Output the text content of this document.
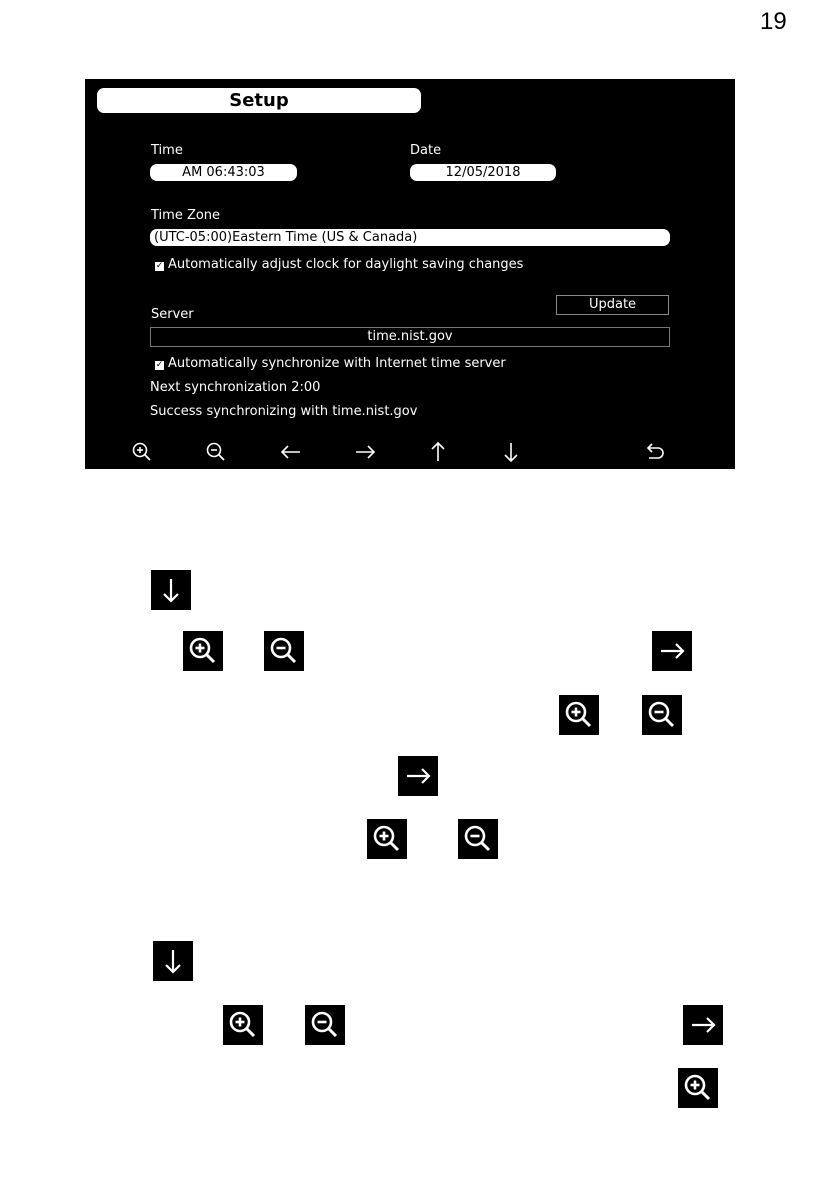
19
Setup
Time
AM 06:43:03
Date
12/05/2018
Time Zone
(UTC-05:00)Eastern Time (US & Canada)
✓ Automatically adjust clock for daylight saving changes
Update
Server
time.nist.gov
✓ Automatically synchronize with Internet time server
Next synchronization 2:00
Success synchronizing with time.nist.gov
